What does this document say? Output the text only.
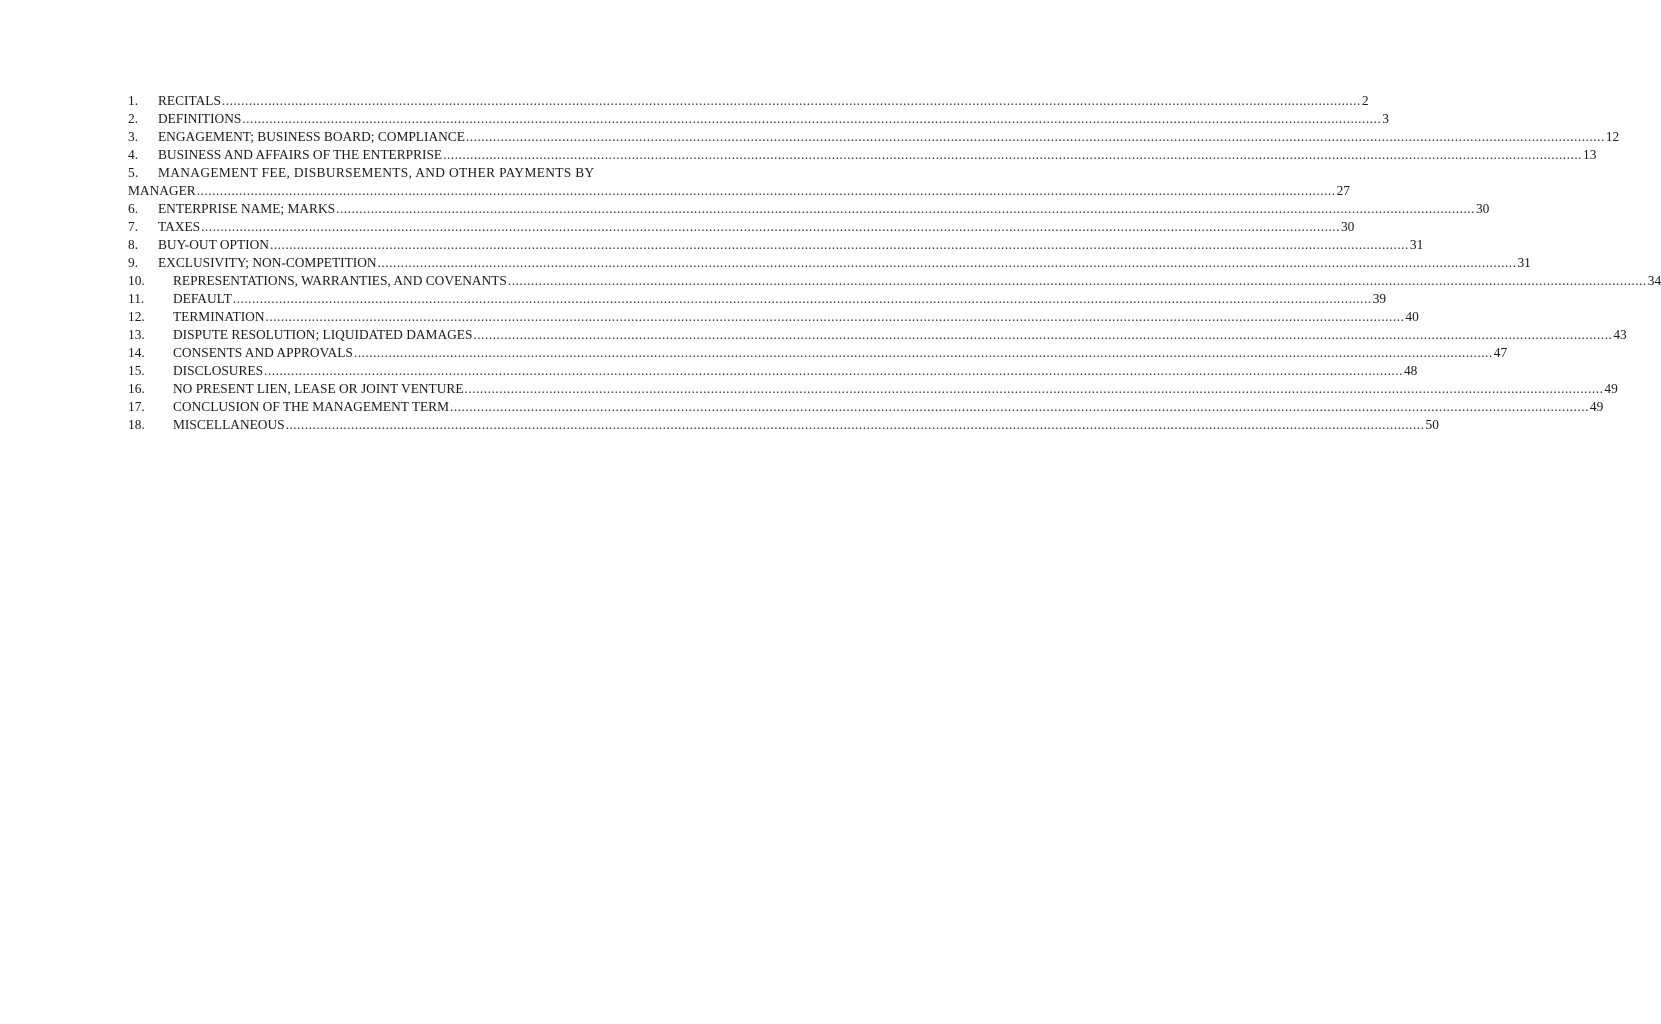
1.	RECITALS .....	2
2.	DEFINITIONS .....	3
3.	ENGAGEMENT; BUSINESS BOARD; COMPLIANCE .....	12
4.	BUSINESS AND AFFAIRS OF THE ENTERPRISE .....	13
5.	MANAGEMENT FEE, DISBURSEMENTS, AND OTHER PAYMENTS BY
MANAGER .....	27
6.	ENTERPRISE NAME; MARKS .....	30
7.	TAXES .....	30
8.	BUY-OUT OPTION .....	31
9.	EXCLUSIVITY; NON-COMPETITION .....	31
10.	REPRESENTATIONS, WARRANTIES, AND COVENANTS .....	34
11.	DEFAULT .....	39
12.	TERMINATION .....	40
13.	DISPUTE RESOLUTION; LIQUIDATED DAMAGES .....	43
14.	CONSENTS AND APPROVALS .....	47
15.	DISCLOSURES .....	48
16.	NO PRESENT LIEN, LEASE OR JOINT VENTURE .....	49
17.	CONCLUSION OF THE MANAGEMENT TERM .....	49
18.	MISCELLANEOUS .....	50
